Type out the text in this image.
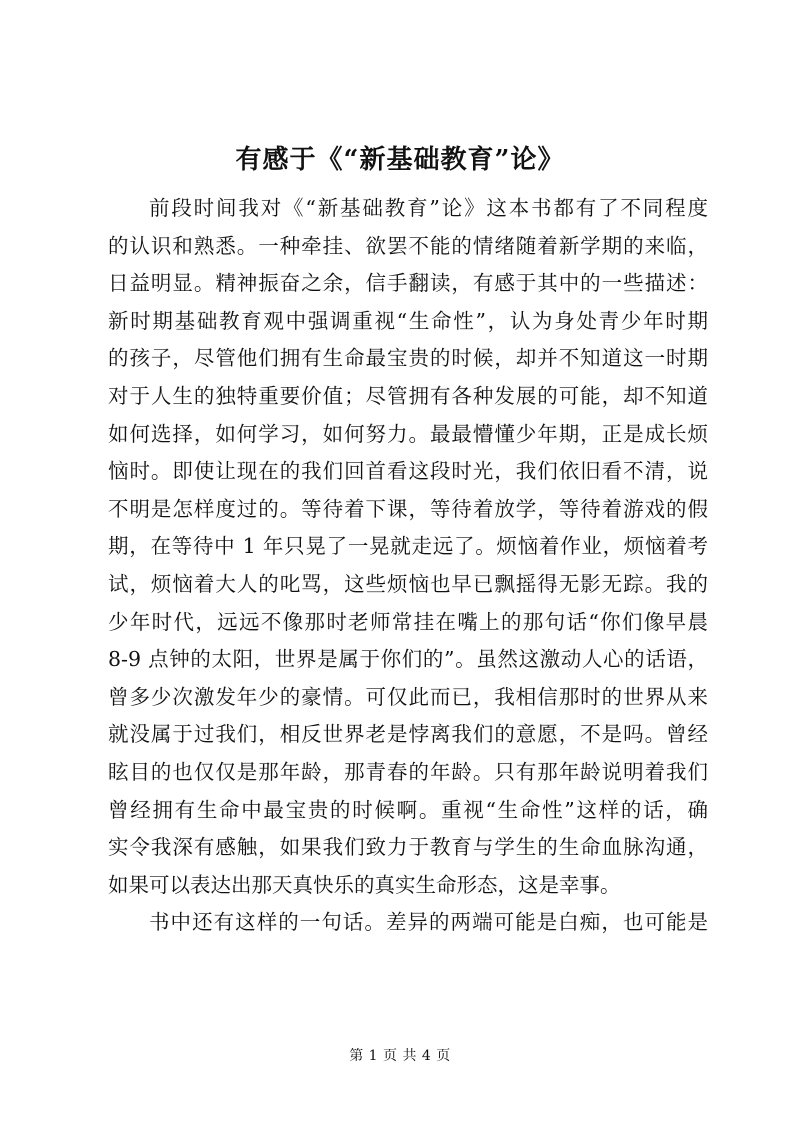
有感于《“新基础教育”论》
前段时间我对《“新基础教育”论》这本书都有了不同程度
的认识和熟悉。一种牵挂、欲罢不能的情绪随着新学期的来临，
日益明显。精神振奋之余，信手翻读，有感于其中的一些描述：
新时期基础教育观中强调重视“生命性”，认为身处青少年时期
的孩子，尽管他们拥有生命最宝贵的时候，却并不知道这一时期
对于人生的独特重要价值；尽管拥有各种发展的可能，却不知道
如何选择，如何学习，如何努力。最最懵懂少年期，正是成长烦
恼时。即使让现在的我们回首看这段时光，我们依旧看不清，说
不明是怎样度过的。等待着下课，等待着放学，等待着游戏的假
期，在等待中 1 年只晃了一晃就走远了。烦恼着作业，烦恼着考
试，烦恼着大人的叱骂，这些烦恼也早已飘摇得无影无踪。我的
少年时代，远远不像那时老师常挂在嘴上的那句话“你们像早晨
8-9 点钟的太阳，世界是属于你们的”。虽然这激动人心的话语，
曾多少次激发年少的豪情。可仅此而已，我相信那时的世界从来
就没属于过我们，相反世界老是悖离我们的意愿，不是吗。曾经
眩目的也仅仅是那年龄，那青春的年龄。只有那年龄说明着我们
曾经拥有生命中最宝贵的时候啊。重视“生命性”这样的话，确
实令我深有感触，如果我们致力于教育与学生的生命血脉沟通，
如果可以表达出那天真快乐的真实生命形态，这是幸事。
书中还有这样的一句话。差异的两端可能是白痴，也可能是
第 1 页 共 4 页
